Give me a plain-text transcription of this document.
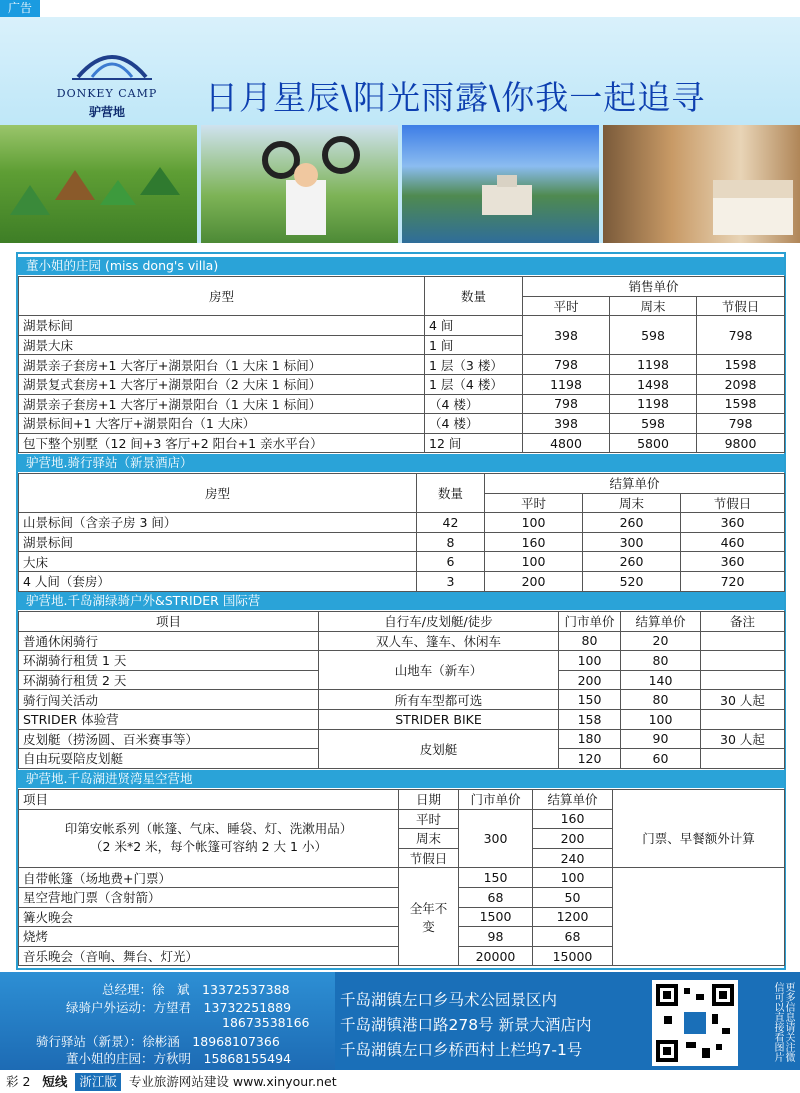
广告
DONKEY CAMP
驴营地	日月星辰\阳光雨露\你我一起追寻
董小姐的庄园 (miss dong's villa)
房型	数量	销售单价		
		平时	周末	节假日
湖景标间	4 间	398	598	798
湖景大床	1 间			
湖景亲子套房+1 大客厅+湖景阳台（1 大床 1 标间）	1 层（3 楼）	798	1198	1598
湖景复式套房+1 大客厅+湖景阳台（2 大床 1 标间）	1 层（4 楼）	1198	1498	2098
湖景亲子套房+1 大客厅+湖景阳台（1 大床 1 标间）	（4 楼）	798	1198	1598
湖景标间+1 大客厅+湖景阳台（1 大床）	（4 楼）	398	598	798
包下整个别墅（12 间+3 客厅+2 阳台+1 亲水平台）	12 间	4800	5800	9800
驴营地.骑行驿站（新景酒店）
房型	数量	结算单价		
		平时	周末	节假日
山景标间（含亲子房 3 间）	42	100	260	360
湖景标间	8	160	300	460
大床	6	100	260	360
4 人间（套房）	3	200	520	720
驴营地.千岛湖绿骑户外&STRIDER 国际营
项目	自行车/皮划艇/徒步	门市单价	结算单价	备注
普通休闲骑行	双人车、篷车、休闲车	80	20	
环湖骑行租赁 1 天	山地车（新车）	100	80	
环湖骑行租赁 2 天		200	140	
骑行闯关活动	所有车型都可选	150	80	30 人起
STRIDER 体验营	STRIDER BIKE	158	100	
皮划艇（捞汤圆、百米赛事等）	皮划艇	180	90	30 人起
自由玩耍陪皮划艇		120	60	
驴营地.千岛湖进贤湾星空营地
项目	日期	门市单价	结算单价	

印第安帐系列（帐篷、气床、睡袋、灯、洗漱用品）
（2 米*2 米，每个帐篷可容纳 2 大 1 小）	平时	300	160	门票、早餐额外计算
	周末		200	
	节假日		240	
自带帐篷（场地费+门票）	全年不变	150	100	
星空营地门票（含射箭）		68	50	
篝火晚会		1500	1200	
烧烤		98	68	
音乐晚会（音响、舞台、灯光）		20000	15000	
总经理：徐　斌　 13372537388
绿骑户外运动：方望君　 13732251889
18673538166
骑行驿站（新景）：徐彬涵　 18968107366
董小姐的庄园：方秋明　 15868155494
千岛湖镇左口乡马术公园景区内
千岛湖镇港口路278号 新景大酒店内
千岛湖镇左口乡桥西村上栏坞7-1号	更多信息请关注微信可以直接看图片
彩 2 短线 浙江版 专业旅游网站建设 www.xinyour.net
